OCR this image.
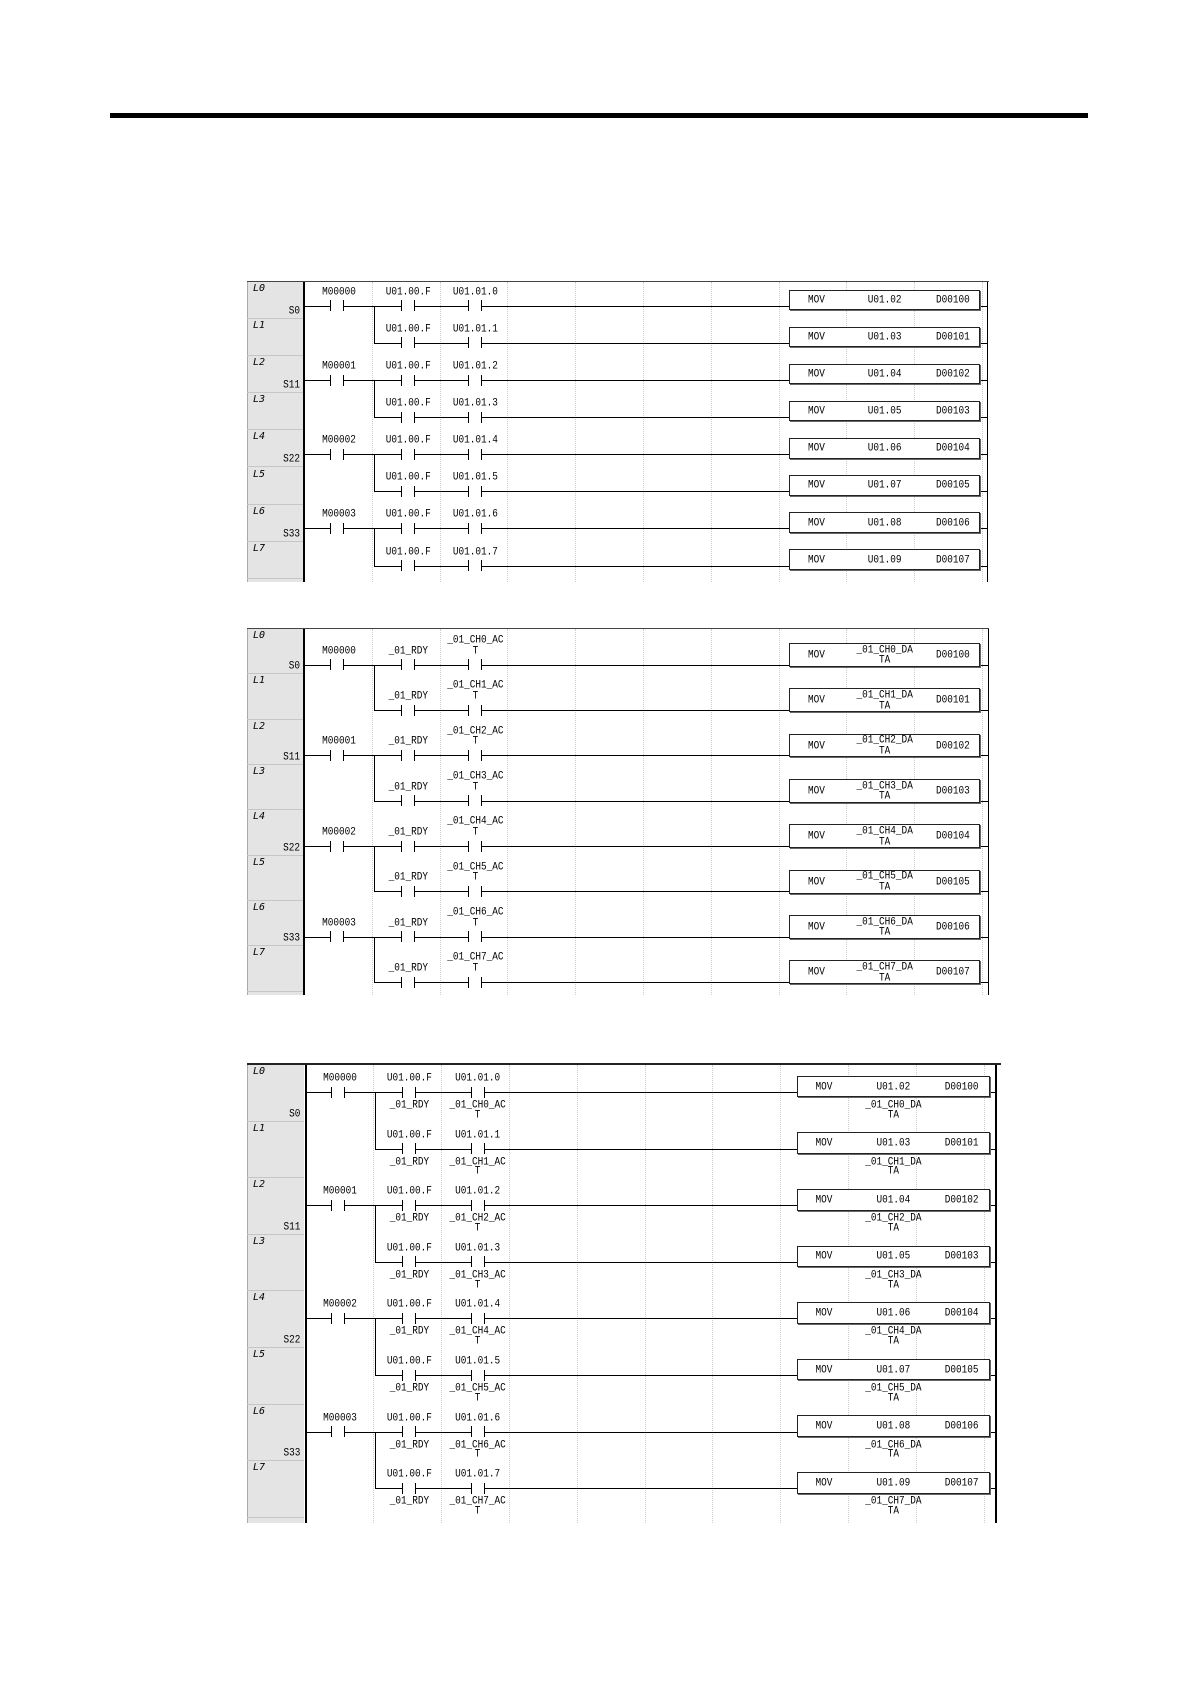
L0
S0
M00000	U01.00.F U01.01.0
MOV	U01.02	D00100
L1	U01.00.F U01.01.1
MOV	U01.03	D00101
L2
S11
M00001	U01.00.F U01.01.2
MOV	U01.04	D00102
L3	U01.00.F U01.01.3
MOV	U01.05	D00103
L4
S22
M00002	U01.00.F U01.01.4
MOV	U01.06	D00104
L5	U01.00.F U01.01.5
MOV	U01.07	D00105
L6
S33
M00003	U01.00.F U01.01.6
MOV	U01.08	D00106
L7	U01.00.F U01.01.7
MOV	U01.09	D00107
L0
S0
M00000	_01_RDY
_01_CH0_AC
T	MOV	_01_CH0_DA
TA	D00100
L1
_01_RDY
_01_CH1_AC
T	MOV	_01_CH1_DA
TA	D00101
L2
S11
M00001	_01_RDY
_01_CH2_AC
T	MOV	_01_CH2_DA
TA	D00102
L3
_01_RDY
_01_CH3_AC
T	MOV	_01_CH3_DA
TA	D00103
L4
S22
M00002	_01_RDY
_01_CH4_AC
T	MOV	_01_CH4_DA
TA	D00104
L5
_01_RDY
_01_CH5_AC
T	MOV	_01_CH5_DA
TA	D00105
L6
S33
M00003	_01_RDY
_01_CH6_AC
T	MOV	_01_CH6_DA
TA	D00106
L7
_01_RDY
_01_CH7_AC
T	MOV	_01_CH7_DA
TA	D00107
L0
S0
M00000	U01.00.F
_01_RDY
U01.01.0
_01_CH0_AC
T
MOV	U01.02	D00100
_01_CH0_DA
TA
L1	U01.00.F
_01_RDY
U01.01.1
_01_CH1_AC
T
MOV	U01.03	D00101
_01_CH1_DA
TA
L2
S11
M00001	U01.00.F
_01_RDY
U01.01.2
_01_CH2_AC
T
MOV	U01.04	D00102
_01_CH2_DA
TA
L3	U01.00.F
_01_RDY
U01.01.3
_01_CH3_AC
T
MOV	U01.05	D00103
_01_CH3_DA
TA
L4
S22
M00002	U01.00.F
_01_RDY
U01.01.4
_01_CH4_AC
T
MOV	U01.06	D00104
_01_CH4_DA
TA
L5	U01.00.F
_01_RDY
U01.01.5
_01_CH5_AC
T
MOV	U01.07	D00105
_01_CH5_DA
TA
L6
S33
M00003	U01.00.F
_01_RDY
U01.01.6
_01_CH6_AC
T
MOV	U01.08	D00106
_01_CH6_DA
TA
L7	U01.00.F
_01_RDY
U01.01.7
_01_CH7_AC
T
MOV	U01.09	D00107
_01_CH7_DA
TA
